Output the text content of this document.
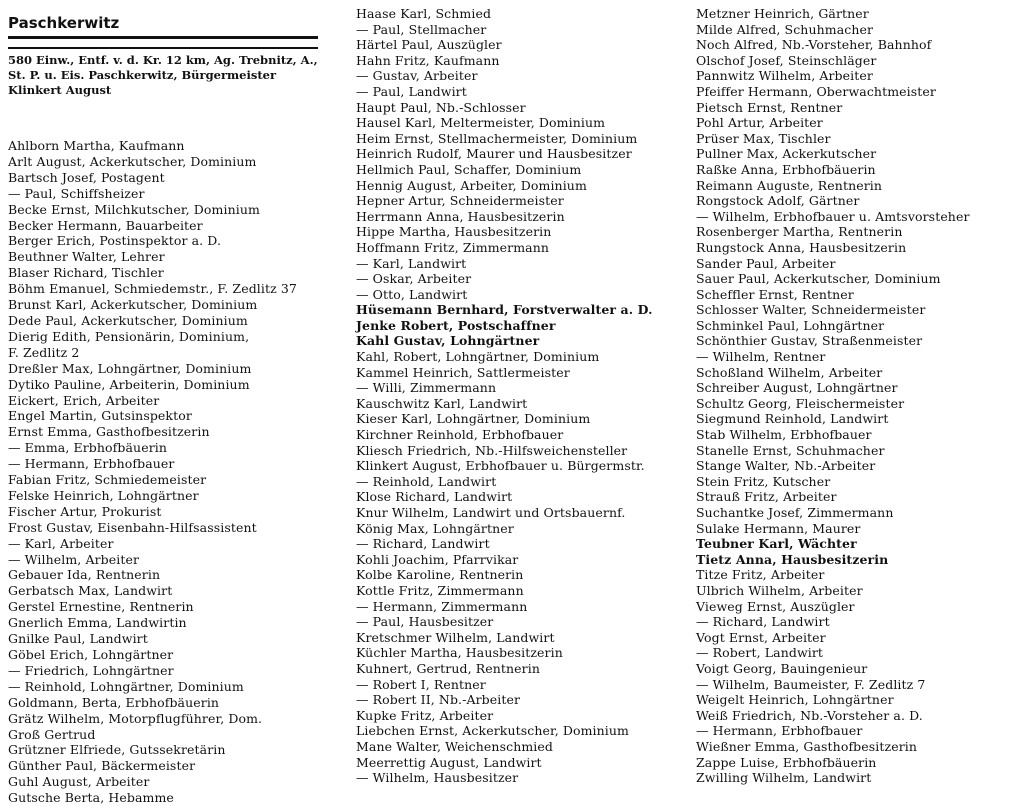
Paschkerwitz
580 Einw., Entf. v. d. Kr. 12 km, Ag. Trebnitz, A., St. P. u. Eis. Paschkerwitz, Bürgermeister Klinkert August
Ahlborn Martha, Kaufmann
Arlt August, Ackerkutscher, Dominium
Bartsch Josef, Postagent
— Paul, Schiffsheizer
Becke Ernst, Milchkutscher, Dominium
Becker Hermann, Bauarbeiter
Berger Erich, Postinspektor a. D.
Beuthner Walter, Lehrer
Blaser Richard, Tischler
Böhm Emanuel, Schmiedemstr., F. Zedlitz 37
Brunst Karl, Ackerkutscher, Dominium
Dede Paul, Ackerkutscher, Dominium
Dierig Edith, Pensionärin, Dominium,
F. Zedlitz 2
Dreßler Max, Lohngärtner, Dominium
Dytiko Pauline, Arbeiterin, Dominium
Eickert, Erich, Arbeiter
Engel Martin, Gutsinspektor
Ernst Emma, Gasthofbesitzerin
— Emma, Erbhofbäuerin
— Hermann, Erbhofbauer
Fabian Fritz, Schmiedemeister
Felske Heinrich, Lohngärtner
Fischer Artur, Prokurist
Frost Gustav, Eisenbahn-Hilfsassistent
— Karl, Arbeiter
— Wilhelm, Arbeiter
Gebauer Ida, Rentnerin
Gerbatsch Max, Landwirt
Gerstel Ernestine, Rentnerin
Gnerlich Emma, Landwirtin
Gnilke Paul, Landwirt
Göbel Erich, Lohngärtner
— Friedrich, Lohngärtner
— Reinhold, Lohngärtner, Dominium
Goldmann, Berta, Erbhofbäuerin
Grätz Wilhelm, Motorpflugführer, Dom.
Groß Gertrud
Grützner Elfriede, Gutssekretärin
Günther Paul, Bäckermeister
Guhl August, Arbeiter
Gutsche Berta, Hebamme
Haase Karl, Schmied
— Paul, Stellmacher
Härtel Paul, Auszügler
Hahn Fritz, Kaufmann
— Gustav, Arbeiter
— Paul, Landwirt
Haupt Paul, Nb.-Schlosser
Hausel Karl, Meltermeister, Dominium
Heim Ernst, Stellmachermeister, Dominium
Heinrich Rudolf, Maurer und Hausbesitzer
Hellmich Paul, Schaffer, Dominium
Hennig August, Arbeiter, Dominium
Hepner Artur, Schneidermeister
Herrmann Anna, Hausbesitzerin
Hippe Martha, Hausbesitzerin
Hoffmann Fritz, Zimmermann
— Karl, Landwirt
— Oskar, Arbeiter
— Otto, Landwirt
Hüsemann Bernhard, Forstverwalter a. D.
Jenke Robert, Postschaffner
Kahl Gustav, Lohngärtner
Kahl, Robert, Lohngärtner, Dominium
Kammel Heinrich, Sattlermeister
— Willi, Zimmermann
Kauschwitz Karl, Landwirt
Kieser Karl, Lohngärtner, Dominium
Kirchner Reinhold, Erbhofbauer
Kliesch Friedrich, Nb.-Hilfsweichensteller
Klinkert August, Erbhofbauer u. Bürgermstr.
— Reinhold, Landwirt
Klose Richard, Landwirt
Knur Wilhelm, Landwirt und Ortsbauernf.
König Max, Lohngärtner
— Richard, Landwirt
Kohli Joachim, Pfarrvikar
Kolbe Karoline, Rentnerin
Kottle Fritz, Zimmermann
— Hermann, Zimmermann
— Paul, Hausbesitzer
Kretschmer Wilhelm, Landwirt
Küchler Martha, Hausbesitzerin
Kuhnert, Gertrud, Rentnerin
— Robert I, Rentner
— Robert II, Nb.-Arbeiter
Kupke Fritz, Arbeiter
Liebchen Ernst, Ackerkutscher, Dominium
Mane Walter, Weichenschmied
Meerrettig August, Landwirt
— Wilhelm, Hausbesitzer
Metzner Heinrich, Gärtner
Milde Alfred, Schuhmacher
Noch Alfred, Nb.-Vorsteher, Bahnhof
Olschof Josef, Steinschläger
Pannwitz Wilhelm, Arbeiter
Pfeiffer Hermann, Oberwachtmeister
Pietsch Ernst, Rentner
Pohl Artur, Arbeiter
Prüser Max, Tischler
Pullner Max, Ackerkutscher
Raßke Anna, Erbhofbäuerin
Reimann Auguste, Rentnerin
Rongstock Adolf, Gärtner
— Wilhelm, Erbhofbauer u. Amtsvorsteher
Rosenberger Martha, Rentnerin
Rungstock Anna, Hausbesitzerin
Sander Paul, Arbeiter
Sauer Paul, Ackerkutscher, Dominium
Scheffler Ernst, Rentner
Schlosser Walter, Schneidermeister
Schminkel Paul, Lohngärtner
Schönthier Gustav, Straßenmeister
— Wilhelm, Rentner
Schoßland Wilhelm, Arbeiter
Schreiber August, Lohngärtner
Schultz Georg, Fleischermeister
Siegmund Reinhold, Landwirt
Stab Wilhelm, Erbhofbauer
Stanelle Ernst, Schuhmacher
Stange Walter, Nb.-Arbeiter
Stein Fritz, Kutscher
Strauß Fritz, Arbeiter
Suchantke Josef, Zimmermann
Sulake Hermann, Maurer
Teubner Karl, Wächter
Tietz Anna, Hausbesitzerin
Titze Fritz, Arbeiter
Ulbrich Wilhelm, Arbeiter
Vieweg Ernst, Auszügler
— Richard, Landwirt
Vogt Ernst, Arbeiter
— Robert, Landwirt
Voigt Georg, Bauingenieur
— Wilhelm, Baumeister, F. Zedlitz 7
Weigelt Heinrich, Lohngärtner
Weiß Friedrich, Nb.-Vorsteher a. D.
— Hermann, Erbhofbauer
Wießner Emma, Gasthofbesitzerin
Zappe Luise, Erbhofbäuerin
Zwilling Wilhelm, Landwirt
